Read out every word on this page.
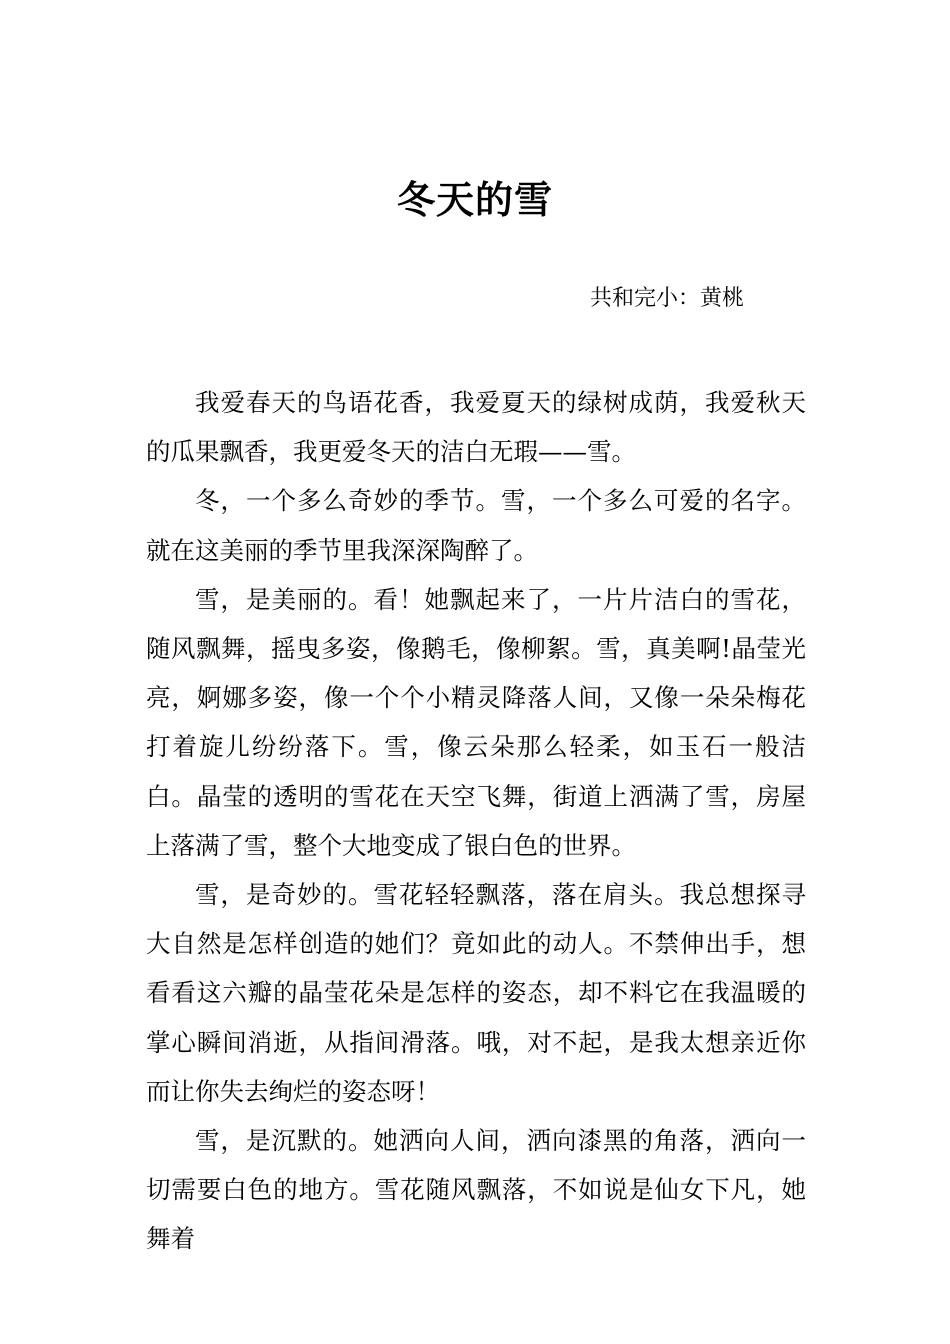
冬天的雪
共和完小：黄桃

我爱春天的鸟语花香，我爱夏天的绿树成荫，我爱秋天的瓜果飘香，我更爱冬天的洁白无瑕——雪。

冬，一个多么奇妙的季节。雪，一个多么可爱的名字。就在这美丽的季节里我深深陶醉了。

雪，是美丽的。看！她飘起来了，一片片洁白的雪花，随风飘舞，摇曳多姿，像鹅毛，像柳絮。雪，真美啊!晶莹光亮，婀娜多姿，像一个个小精灵降落人间，又像一朵朵梅花打着旋儿纷纷落下。雪，像云朵那么轻柔，如玉石一般洁白。晶莹的透明的雪花在天空飞舞，街道上洒满了雪，房屋上落满了雪，整个大地变成了银白色的世界。

雪，是奇妙的。雪花轻轻飘落，落在肩头。我总想探寻大自然是怎样创造的她们？竟如此的动人。不禁伸出手，想看看这六瓣的晶莹花朵是怎样的姿态，却不料它在我温暖的掌心瞬间消逝，从指间滑落。哦，对不起，是我太想亲近你而让你失去绚烂的姿态呀！

雪，是沉默的。她洒向人间，洒向漆黑的角落，洒向一切需要白色的地方。雪花随风飘落，不如说是仙女下凡，她舞着
